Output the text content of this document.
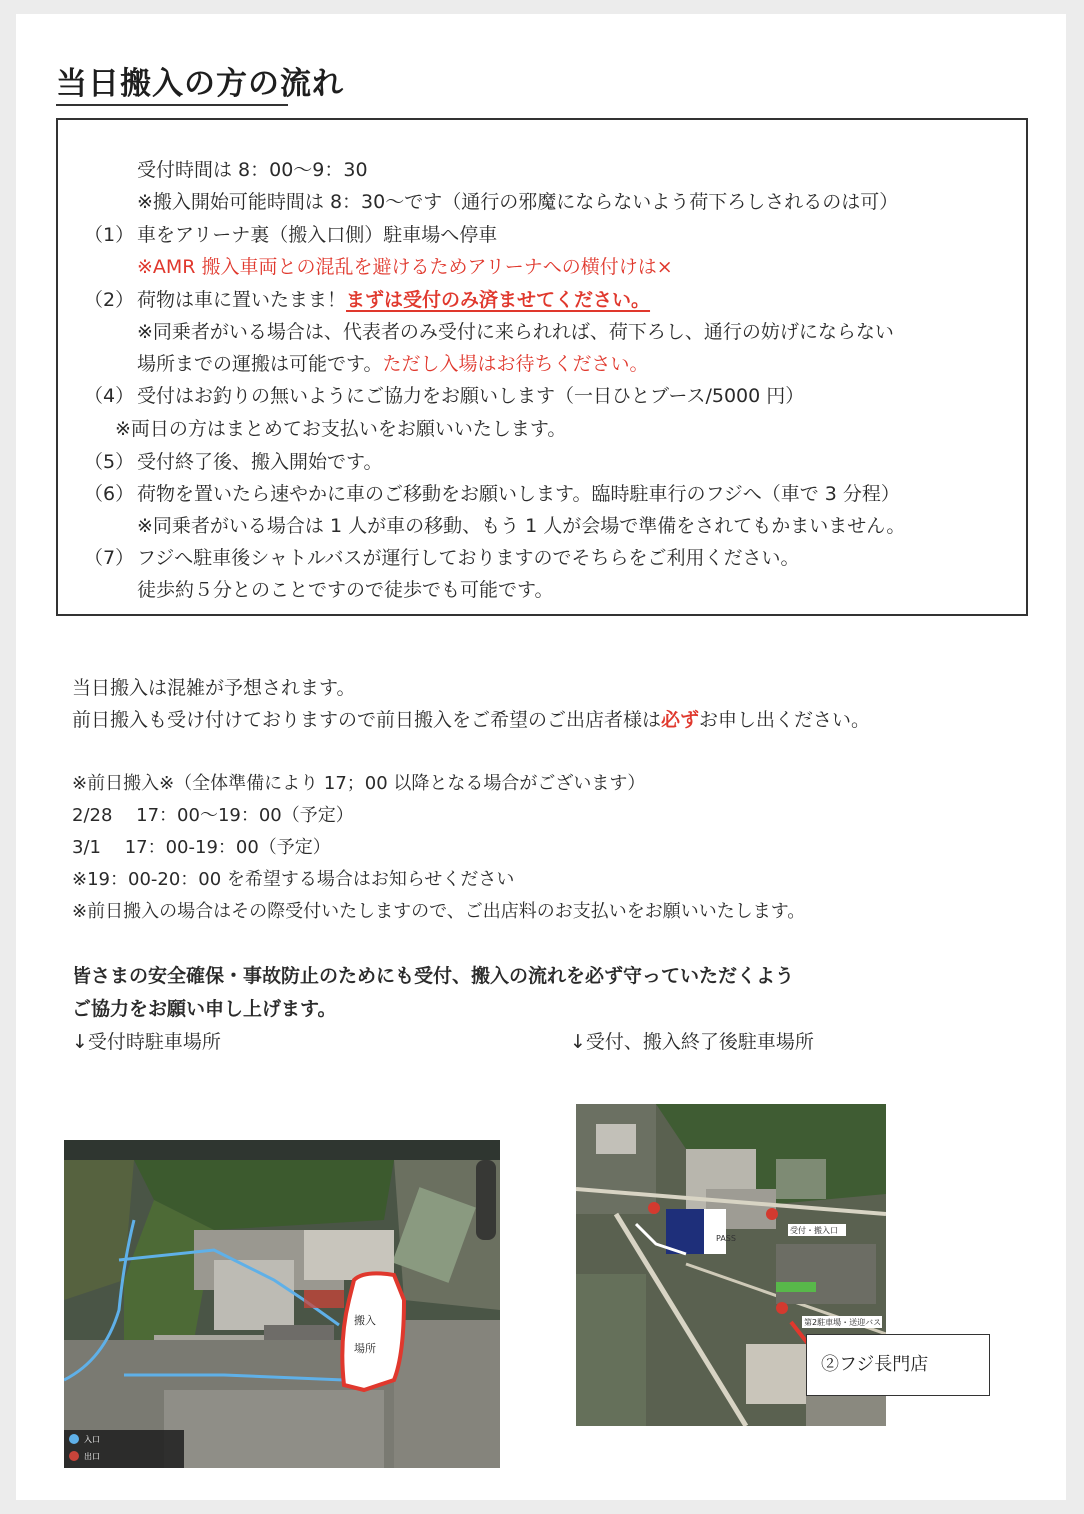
当日搬入の方の流れ
受付時間は 8：00〜9：30
※搬入開始可能時間は 8：30〜です（通行の邪魔にならないよう荷下ろしされるのは可）
（1） 車をアリーナ裏（搬入口側）駐車場へ停車
※AMR 搬入車両との混乱を避けるためアリーナへの横付けは×
（2） 荷物は車に置いたまま！まずは受付のみ済ませてください。
※同乗者がいる場合は、代表者のみ受付に来られれば、荷下ろし、通行の妨げにならない
場所までの運搬は可能です。ただし入場はお待ちください。
（4） 受付はお釣りの無いようにご協力をお願いします（一日ひとブース/5000 円）
※両日の方はまとめてお支払いをお願いいたします。
（5） 受付終了後、搬入開始です。
（6） 荷物を置いたら速やかに車のご移動をお願いします。臨時駐車行のフジへ（車で 3 分程）
※同乗者がいる場合は 1 人が車の移動、もう 1 人が会場で準備をされてもかまいません。
（7） フジへ駐車後シャトルバスが運行しておりますのでそちらをご利用ください。
徒歩約５分とのことですので徒歩でも可能です。
当日搬入は混雑が予想されます。
前日搬入も受け付けておりますので前日搬入をご希望のご出店者様は必ずお申し出ください。
※前日搬入※（全体準備により 17；00 以降となる場合がございます）
2/28　 17：00〜19：00（予定）
3/1　 17：00-19：00（予定）
※19：00-20：00 を希望する場合はお知らせください
※前日搬入の場合はその際受付いたしますので、ご出店料のお支払いをお願いいたします。
皆さまの安全確保・事故防止のためにも受付、搬入の流れを必ず守っていただくよう
ご協力をお願い申し上げます。
↓受付時駐車場所	↓受付、搬入終了後駐車場所
搬入
場所
入口
出口
PASS
受付・搬入口
第2駐車場・送迎バス
②フジ長門店
